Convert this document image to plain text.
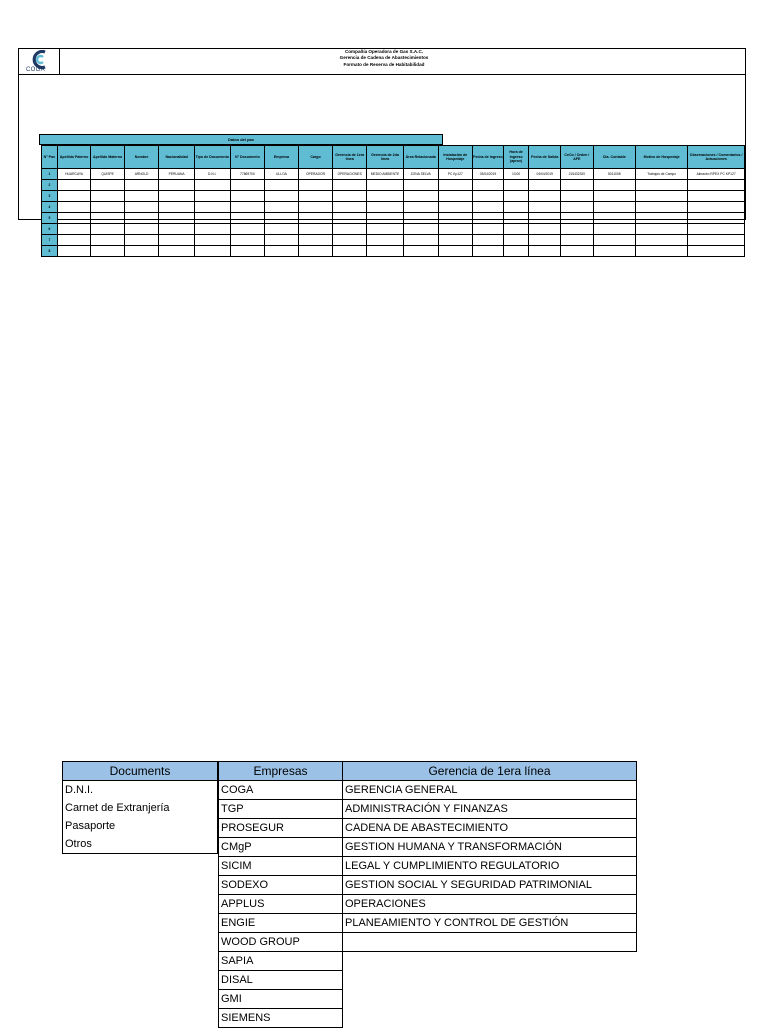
COGA
Compañía Operadora de Gas S.A.C.
Gerencia de Cadena de Abastecimientos
Formato de Reserva de Habitabilidad
Datos del pax
N° Pax	Apellido Paterno	Apellido Materno	Nombre	Nacionalidad	Tipo de Documento	N° Documento	Empresa	Cargo	Gerencia de 1era línea	Gerencia de 2da línea	Área Relacionada	Instalación de Hospedaje	Fecha de Ingreso	Hora de Ingreso (aprox)	Fecha de Salida	CeCo / Orden / AFE	Cta. Contable	Motivo de Hospedaje	Observaciones / Comentarios / Actuaciones
1	HUARCAYA	QUISPE	ARNOLD	PERUANA	D.N.I.	77869700	ULLOA	OPERADOR	OPERACIONES	MEDIO AMBIENTE	ZONA SELVA	PC Kp127	03/04/2019	13:00	04/04/2019	215432320	5011008	Trabajos de Campo	Almacén RPEX PC KP127
2																			
3																			
4																			
5																			
6																			
7																			
8																			
Documents
D.N.I.
Carnet de Extranjería
Pasaporte
Otros
Empresas
COGA
TGP
PROSEGUR
CMgP
SICIM
SODEXO
APPLUS
ENGIE
WOOD GROUP
SAPIA
DISAL
GMI
SIEMENS
Gerencia de 1era línea
GERENCIA GENERAL
ADMINISTRACIÓN Y FINANZAS
CADENA DE ABASTECIMIENTO
GESTION HUMANA Y TRANSFORMACIÓN
LEGAL Y CUMPLIMIENTO REGULATORIO
GESTION SOCIAL Y SEGURIDAD PATRIMONIAL
OPERACIONES
PLANEAMIENTO Y CONTROL DE GESTIÓN
